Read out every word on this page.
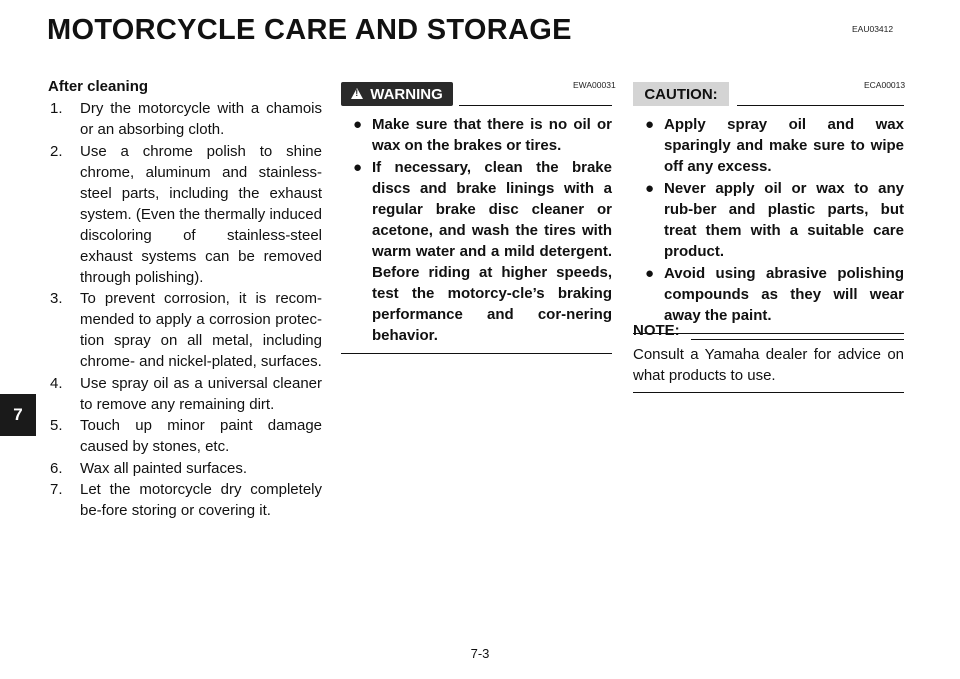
MOTORCYCLE CARE AND STORAGE	EAU03412
7
After cleaning
1. Dry the motorcycle with a chamois or an absorbing cloth.
2. Use a chrome polish to shine chrome, aluminum and stainless-steel parts, including the exhaust system. (Even the thermally induced discoloring of stainless-steel exhaust systems can be removed through polishing).
3. To prevent corrosion, it is recom-mended to apply a corrosion protec-tion spray on all metal, including chrome- and nickel-plated, surfaces.
4. Use spray oil as a universal cleaner to remove any remaining dirt.
5. Touch up minor paint damage caused by stones, etc.
6. Wax all painted surfaces.
7. Let the motorcycle dry completely be-fore storing or covering it.
EWA00031
!
WARNING
● Make sure that there is no oil or wax on the brakes or tires.
● If necessary, clean the brake discs and brake linings with a regular brake disc cleaner or acetone, and wash the tires with warm water and a mild detergent. Before riding at higher speeds, test the motorcy-cle’s braking performance and cor-nering behavior.
ECA00013
CAUTION:
● Apply spray oil and wax sparingly and make sure to wipe off any excess.
● Never apply oil or wax to any rub-ber and plastic parts, but treat them with a suitable care product.
● Avoid using abrasive polishing compounds as they will wear away the paint.
NOTE:

Consult a Yamaha dealer for advice on what products to use.

7-3
